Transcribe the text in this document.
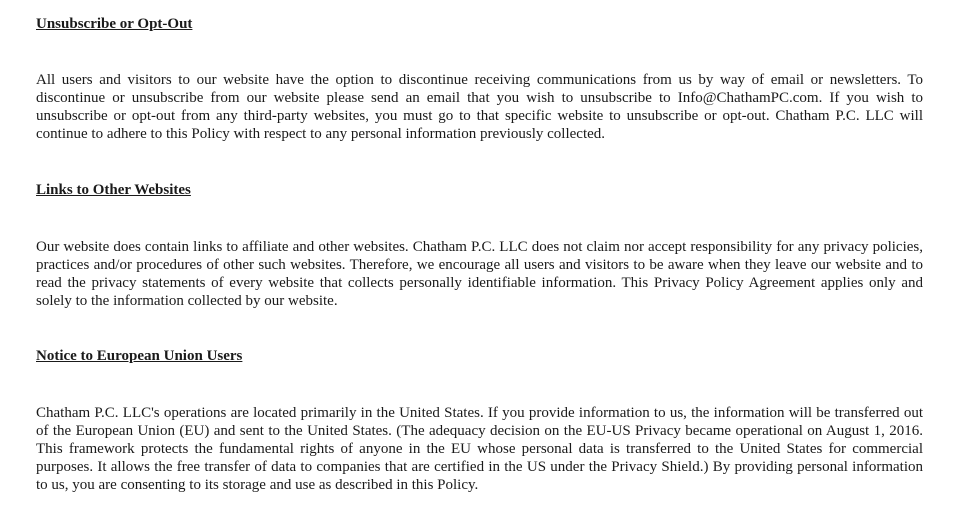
Unsubscribe or Opt-Out

All users and visitors to our website have the option to discontinue receiving communications from us by way of email or newsletters. To discontinue or unsubscribe from our website please send an email that you wish to unsubscribe to Info@ChathamPC.com. If you wish to unsubscribe or opt-out from any third-party websites, you must go to that specific website to unsubscribe or opt-out. Chatham P.C. LLC will continue to adhere to this Policy with respect to any personal information previously collected.

Links to Other Websites

Our website does contain links to affiliate and other websites. Chatham P.C. LLC does not claim nor accept responsibility for any privacy policies, practices and/or procedures of other such websites. Therefore, we encourage all users and visitors to be aware when they leave our website and to read the privacy statements of every website that collects personally identifiable information. This Privacy Policy Agreement applies only and solely to the information collected by our website.

Notice to European Union Users

Chatham P.C. LLC's operations are located primarily in the United States. If you provide information to us, the information will be transferred out of the European Union (EU) and sent to the United States. (The adequacy decision on the EU-US Privacy became operational on August 1, 2016. This framework protects the fundamental rights of anyone in the EU whose personal data is transferred to the United States for commercial purposes. It allows the free transfer of data to companies that are certified in the US under the Privacy Shield.) By providing personal information to us, you are consenting to its storage and use as described in this Policy.
